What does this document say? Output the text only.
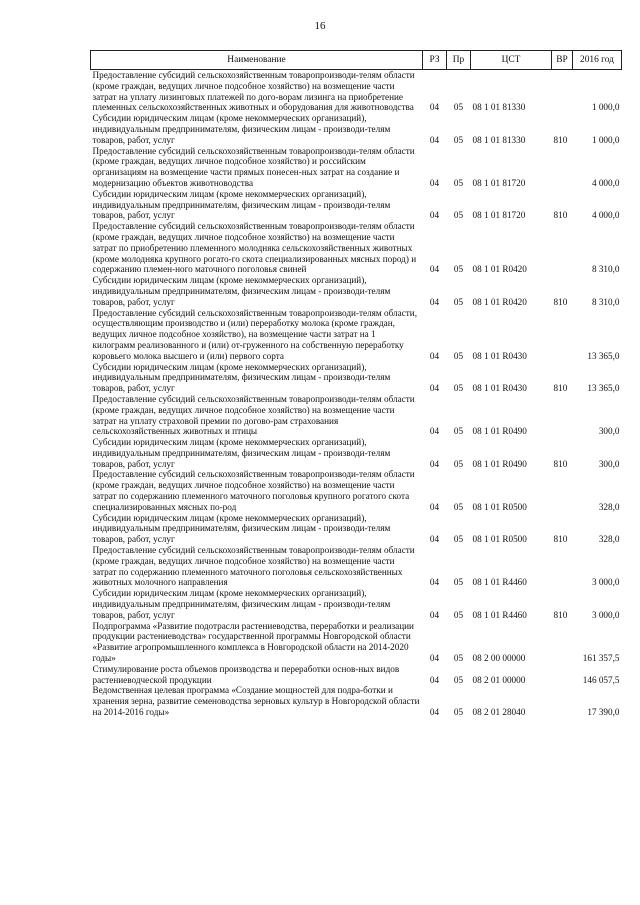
16
Наименование	РЗ	Пр	ЦСТ	ВР	2016 год
Предоставление субсидий сельскохозяйственным товаропроизводи-телям области (кроме граждан, ведущих личное подсобное хозяйство) на возмещение части затрат на уплату лизинговых платежей по дого-ворам лизинга на приобретение племенных сельскохозяйственных животных и оборудования для животноводства	04	05	08 1 01 81330		1 000,0
Субсидии юридическим лицам (кроме некоммерческих организаций), индивидуальным предпринимателям, физическим лицам - производи-телям товаров, работ, услуг	04	05	08 1 01 81330	810	1 000,0
Предоставление субсидий сельскохозяйственным товаропроизводи-телям области (кроме граждан, ведущих личное подсобное хозяйство) и российским организациям на возмещение части прямых понесен-ных затрат на создание и модернизацию объектов животноводства	04	05	08 1 01 81720		4 000,0
Субсидии юридическим лицам (кроме некоммерческих организаций), индивидуальным предпринимателям, физическим лицам - производи-телям товаров, работ, услуг	04	05	08 1 01 81720	810	4 000,0
Предоставление субсидий сельскохозяйственным товаропроизводи-телям области (кроме граждан, ведущих личное подсобное хозяйство) на возмещение части затрат по приобретению племенного молодняка сельскохозяйственных животных (кроме молодняка крупного рогато-го скота специализированных мясных пород) и содержанию племен-ного маточного поголовья свиней	04	05	08 1 01 R0420		8 310,0
Субсидии юридическим лицам (кроме некоммерческих организаций), индивидуальным предпринимателям, физическим лицам - производи-телям товаров, работ, услуг	04	05	08 1 01 R0420	810	8 310,0
Предоставление субсидий сельскохозяйственным товаропроизводи-телям области, осуществляющим производство и (или) переработку молока (кроме граждан, ведущих личное подсобное хозяйство), на возмещение части затрат на 1 килограмм реализованного и (или) от-груженного на собственную переработку коровьего молока высшего и (или) первого сорта	04	05	08 1 01 R0430		13 365,0
Субсидии юридическим лицам (кроме некоммерческих организаций), индивидуальным предпринимателям, физическим лицам - производи-телям товаров, работ, услуг	04	05	08 1 01 R0430	810	13 365,0
Предоставление субсидий сельскохозяйственным товаропроизводи-телям области (кроме граждан, ведущих личное подсобное хозяйство) на возмещение части затрат на уплату страховой премии по догово-рам страхования сельскохозяйственных животных и птицы	04	05	08 1 01 R0490		300,0
Субсидии юридическим лицам (кроме некоммерческих организаций), индивидуальным предпринимателям, физическим лицам - производи-телям товаров, работ, услуг	04	05	08 1 01 R0490	810	300,0
Предоставление субсидий сельскохозяйственным товаропроизводи-телям области (кроме граждан, ведущих личное подсобное хозяйство) на возмещение части затрат по содержанию племенного маточного поголовья крупного рогатого скота специализированных мясных по-род	04	05	08 1 01 R0500		328,0
Субсидии юридическим лицам (кроме некоммерческих организаций), индивидуальным предпринимателям, физическим лицам - производи-телям товаров, работ, услуг	04	05	08 1 01 R0500	810	328,0
Предоставление субсидий сельскохозяйственным товаропроизводи-телям области (кроме граждан, ведущих личное подсобное хозяйство) на возмещение части затрат по содержанию племенного маточного поголовья сельскохозяйственных животных молочного направления	04	05	08 1 01 R4460		3 000,0
Субсидии юридическим лицам (кроме некоммерческих организаций), индивидуальным предпринимателям, физическим лицам - производи-телям товаров, работ, услуг	04	05	08 1 01 R4460	810	3 000,0
Подпрограмма «Развитие подотрасли растениеводства, переработки и реализации продукции растениеводства» государственной программы Новгородской области «Развитие агропромышленного комплекса в Новгородской области на 2014-2020 годы»	04	05	08 2 00 00000		161 357,5
Стимулирование роста объемов производства и переработки основ-ных видов растениеводческой продукции	04	05	08 2 01 00000		146 057,5
Ведомственная целевая программа «Создание мощностей для подра-ботки и хранения зерна, развитие семеноводства зерновых культур в Новгородской области на 2014-2016 годы»	04	05	08 2 01 28040		17 390,0
